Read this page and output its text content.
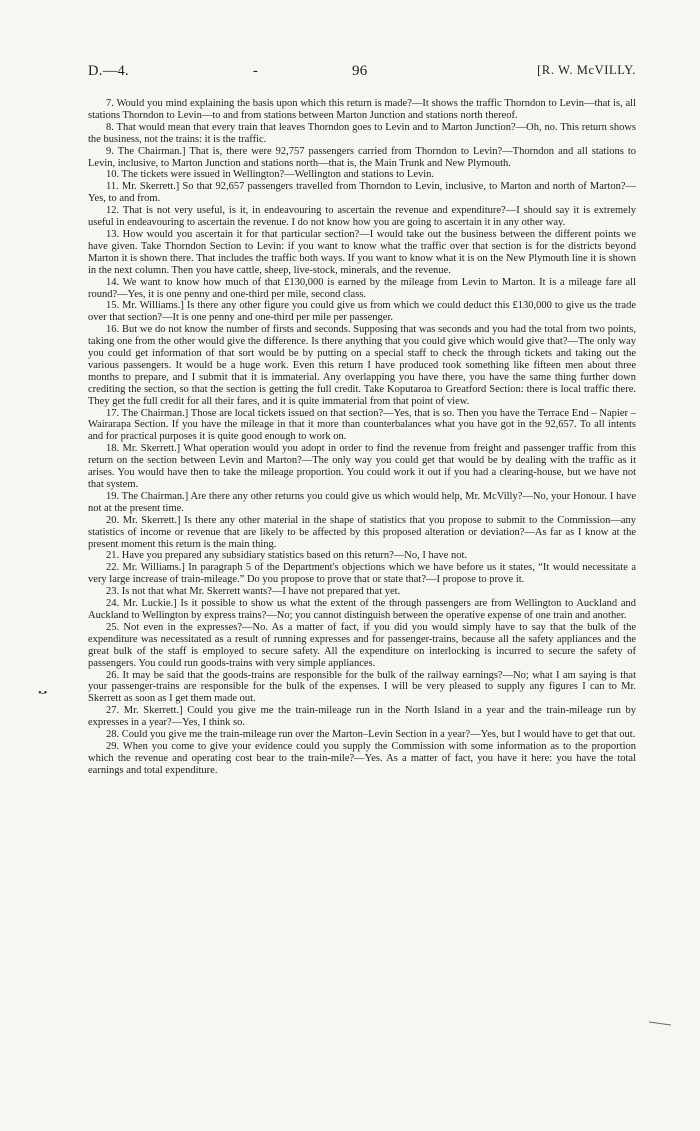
D.—4.	-	96	[R. W. McVILLY.
•-•

7. Would you mind explaining the basis upon which this return is made?—It shows the traffic Thorndon to Levin—that is, all stations Thorndon to Levin—to and from stations between Marton Junction and stations north thereof.

8. That would mean that every train that leaves Thorndon goes to Levin and to Marton Junction?—Oh, no. This return shows the business, not the trains: it is the traffic.

9. The Chairman.] That is, there were 92,757 passengers carried from Thorndon to Levin?—Thorndon and all stations to Levin, inclusive, to Marton Junction and stations north—that is, the Main Trunk and New Plymouth.

10. The tickets were issued in Wellington?—Wellington and stations to Levin.

11. Mr. Skerrett.] So that 92,657 passengers travelled from Thorndon to Levin, inclusive, to Marton and north of Marton?—Yes, to and from.

12. That is not very useful, is it, in endeavouring to ascertain the revenue and expenditure?—I should say it is extremely useful in endeavouring to ascertain the revenue. I do not know how you are going to ascertain it in any other way.

13. How would you ascertain it for that particular section?—I would take out the business between the different points we have given. Take Thorndon Section to Levin: if you want to know what the traffic over that section is for the districts beyond Marton it is shown there. That includes the traffic both ways. If you want to know what it is on the New Plymouth line it is shown in the next column. Then you have cattle, sheep, live-stock, minerals, and the revenue.

14. We want to know how much of that £130,000 is earned by the mileage from Levin to Marton. It is a mileage fare all round?—Yes, it is one penny and one-third per mile, second class.

15. Mr. Williams.] Is there any other figure you could give us from which we could deduct this £130,000 to give us the trade over that section?—It is one penny and one-third per mile per passenger.

16. But we do not know the number of firsts and seconds. Supposing that was seconds and you had the total from two points, taking one from the other would give the difference. Is there anything that you could give which would give that?—The only way you could get information of that sort would be by putting on a special staff to check the through tickets and taking out the various passengers. It would be a huge work. Even this return I have produced took something like fifteen men about three months to prepare, and I submit that it is immaterial. Any overlapping you have there, you have the same thing further down crediting the section, so that the section is getting the full credit. Take Koputaroa to Greatford Section: there is local traffic there. They get the full credit for all their fares, and it is quite immaterial from that point of view.

17. The Chairman.] Those are local tickets issued on that section?—Yes, that is so. Then you have the Terrace End – Napier – Wairarapa Section. If you have the mileage in that it more than counterbalances what you have got in the 92,657. To all intents and for practical purposes it is quite good enough to work on.

18. Mr. Skerrett.] What operation would you adopt in order to find the revenue from freight and passenger traffic from this return on the section between Levin and Marton?—The only way you could get that would be by dealing with the traffic as it arises. You would have then to take the mileage proportion. You could work it out if you had a clearing-house, but we have not that system.

19. The Chairman.] Are there any other returns you could give us which would help, Mr. McVilly?—No, your Honour. I have not at the present time.

20. Mr. Skerrett.] Is there any other material in the shape of statistics that you propose to submit to the Commission—any statistics of income or revenue that are likely to be affected by this proposed alteration or deviation?—As far as I know at the present moment this return is the main thing.

21. Have you prepared any subsidiary statistics based on this return?—No, I have not.

22. Mr. Williams.] In paragraph 5 of the Department's objections which we have before us it states, “It would necessitate a very large increase of train-mileage.” Do you propose to prove that or state that?—I propose to prove it.

23. Is not that what Mr. Skerrett wants?—I have not prepared that yet.

24. Mr. Luckie.] Is it possible to show us what the extent of the through passengers are from Wellington to Auckland and Auckland to Wellington by express trains?—No; you cannot distinguish between the operative expense of one train and another.

25. Not even in the expresses?—No. As a matter of fact, if you did you would simply have to say that the bulk of the expenditure was necessitated as a result of running expresses and for passenger-trains, because all the safety appliances and the great bulk of the staff is employed to secure safety. All the expenditure on interlocking is incurred to secure the safety of passengers. You could run goods-trains with very simple appliances.

26. It may be said that the goods-trains are responsible for the bulk of the railway earnings?—No; what I am saying is that your passenger-trains are responsible for the bulk of the expenses. I will be very pleased to supply any figures I can to Mr. Skerrett as soon as I get them made out.

27. Mr. Skerrett.] Could you give me the train-mileage run in the North Island in a year and the train-mileage run by expresses in a year?—Yes, I think so.

28. Could you give me the train-mileage run over the Marton–Levin Section in a year?—Yes, but I would have to get that out.

29. When you come to give your evidence could you supply the Commission with some information as to the proportion which the revenue and operating cost bear to the train-mile?—Yes. As a matter of fact, you have it here: you have the total earnings and total expenditure.
